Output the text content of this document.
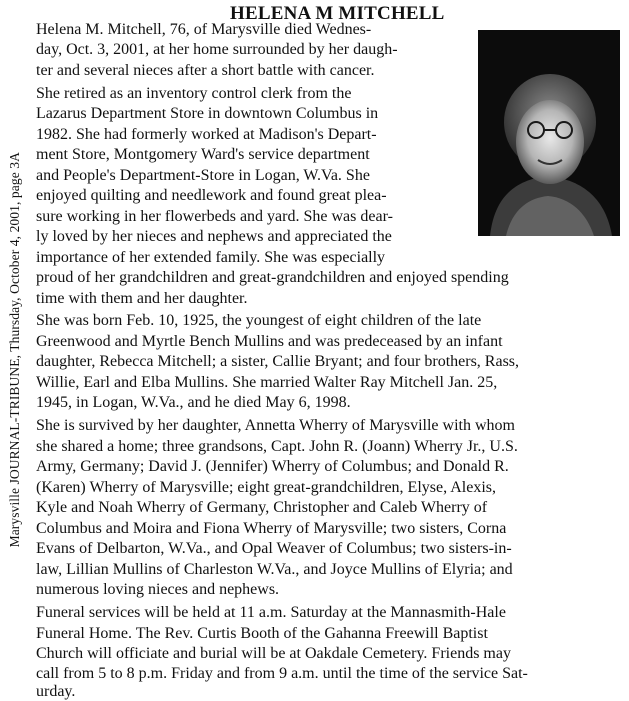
Marysville JOURNAL-TRIBUNE, Thursday, October 4, 2001, page 3A
HELENA M MITCHELL

Helena M. Mitchell, 76, of Marysville died Wednes-

day, Oct. 3, 2001, at her home surrounded by her daugh-

ter and several nieces after a short battle with cancer.

She retired as an inventory control clerk from the

Lazarus Department Store in downtown Columbus in

1982. She had formerly worked at Madison's Depart-

ment Store, Montgomery Ward's service department

and People's Department-Store in Logan, W.Va. She

enjoyed quilting and needlework and found great plea-

sure working in her flowerbeds and yard. She was dear-

ly loved by her nieces and nephews and appreciated the

importance of her extended family. She was especially

proud of her grandchildren and great-grandchildren and enjoyed spending

time with them and her daughter.

She was born Feb. 10, 1925, the youngest of eight children of the late

Greenwood and Myrtle Bench Mullins and was predeceased by an infant

daughter, Rebecca Mitchell; a sister, Callie Bryant; and four brothers, Rass,

Willie, Earl and Elba Mullins. She married Walter Ray Mitchell Jan. 25,

1945, in Logan, W.Va., and he died May 6, 1998.

She is survived by her daughter, Annetta Wherry of Marysville with whom

she shared a home; three grandsons, Capt. John R. (Joann) Wherry Jr., U.S.

Army, Germany; David J. (Jennifer) Wherry of Columbus; and Donald R.

(Karen) Wherry of Marysville; eight great-grandchildren, Elyse, Alexis,

Kyle and Noah Wherry of Germany, Christopher and Caleb Wherry of

Columbus and Moira and Fiona Wherry of Marysville; two sisters, Corna

Evans of Delbarton, W.Va., and Opal Weaver of Columbus; two sisters-in-

law, Lillian Mullins of Charleston W.Va., and Joyce Mullins of Elyria; and

numerous loving nieces and nephews.

Funeral services will be held at 11 a.m. Saturday at the Mannasmith-Hale

Funeral Home. The Rev. Curtis Booth of the Gahanna Freewill Baptist

Church will officiate and burial will be at Oakdale Cemetery. Friends may

call from 5 to 8 p.m. Friday and from 9 a.m. until the time of the service Sat-

urday.
